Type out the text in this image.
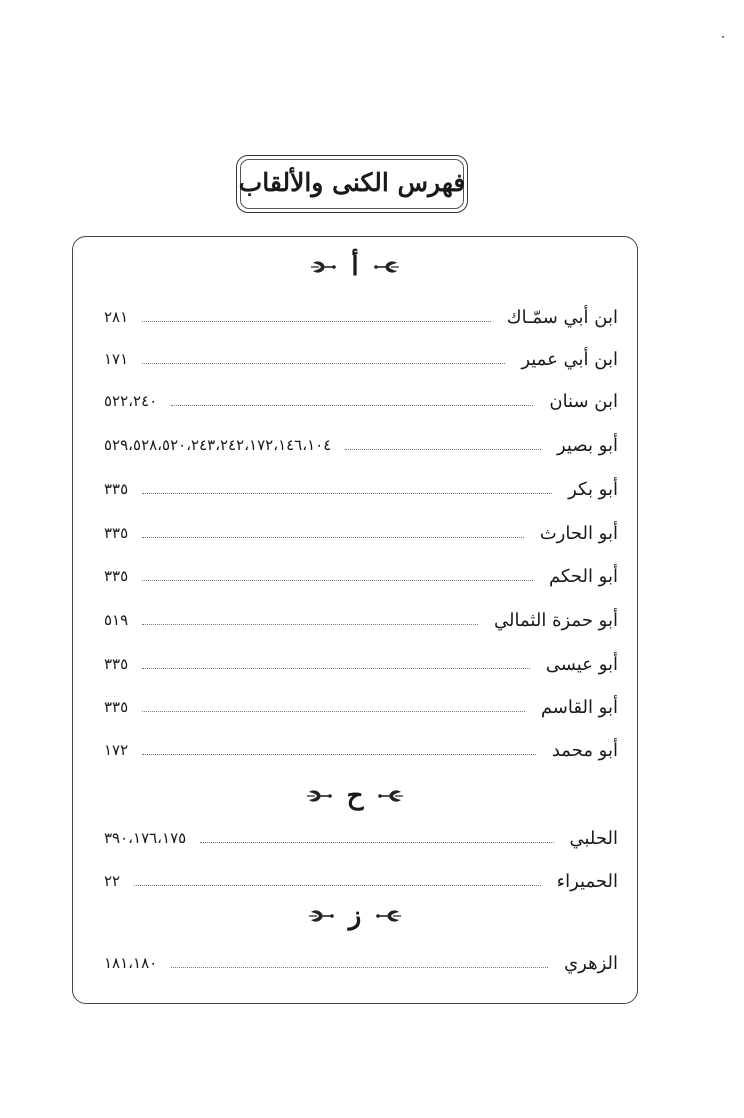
فهرس الكنى والألقاب
أ
ابن أبي سمّـاك
٢٨١
ابن أبي عمير
١٧١
ابن سنان
٥٢٢،٢٤٠
أبو بصير
٥٢٩،٥٢٨،٥٢٠،٢٤٣،٢٤٢،١٧٢،١٤٦،١٠٤
أبو بكر
٣٣٥
أبو الحارث
٣٣٥
أبو الحكم
٣٣٥
أبو حمزة الثمالي
٥١٩
أبو عيسى
٣٣٥
أبو القاسم
٣٣٥
أبو محمد
١٧٢
ح
الحلبي
٣٩٠،١٧٦،١٧٥
الحميراء
٢٢
ز
الزهري
١٨١،١٨٠
